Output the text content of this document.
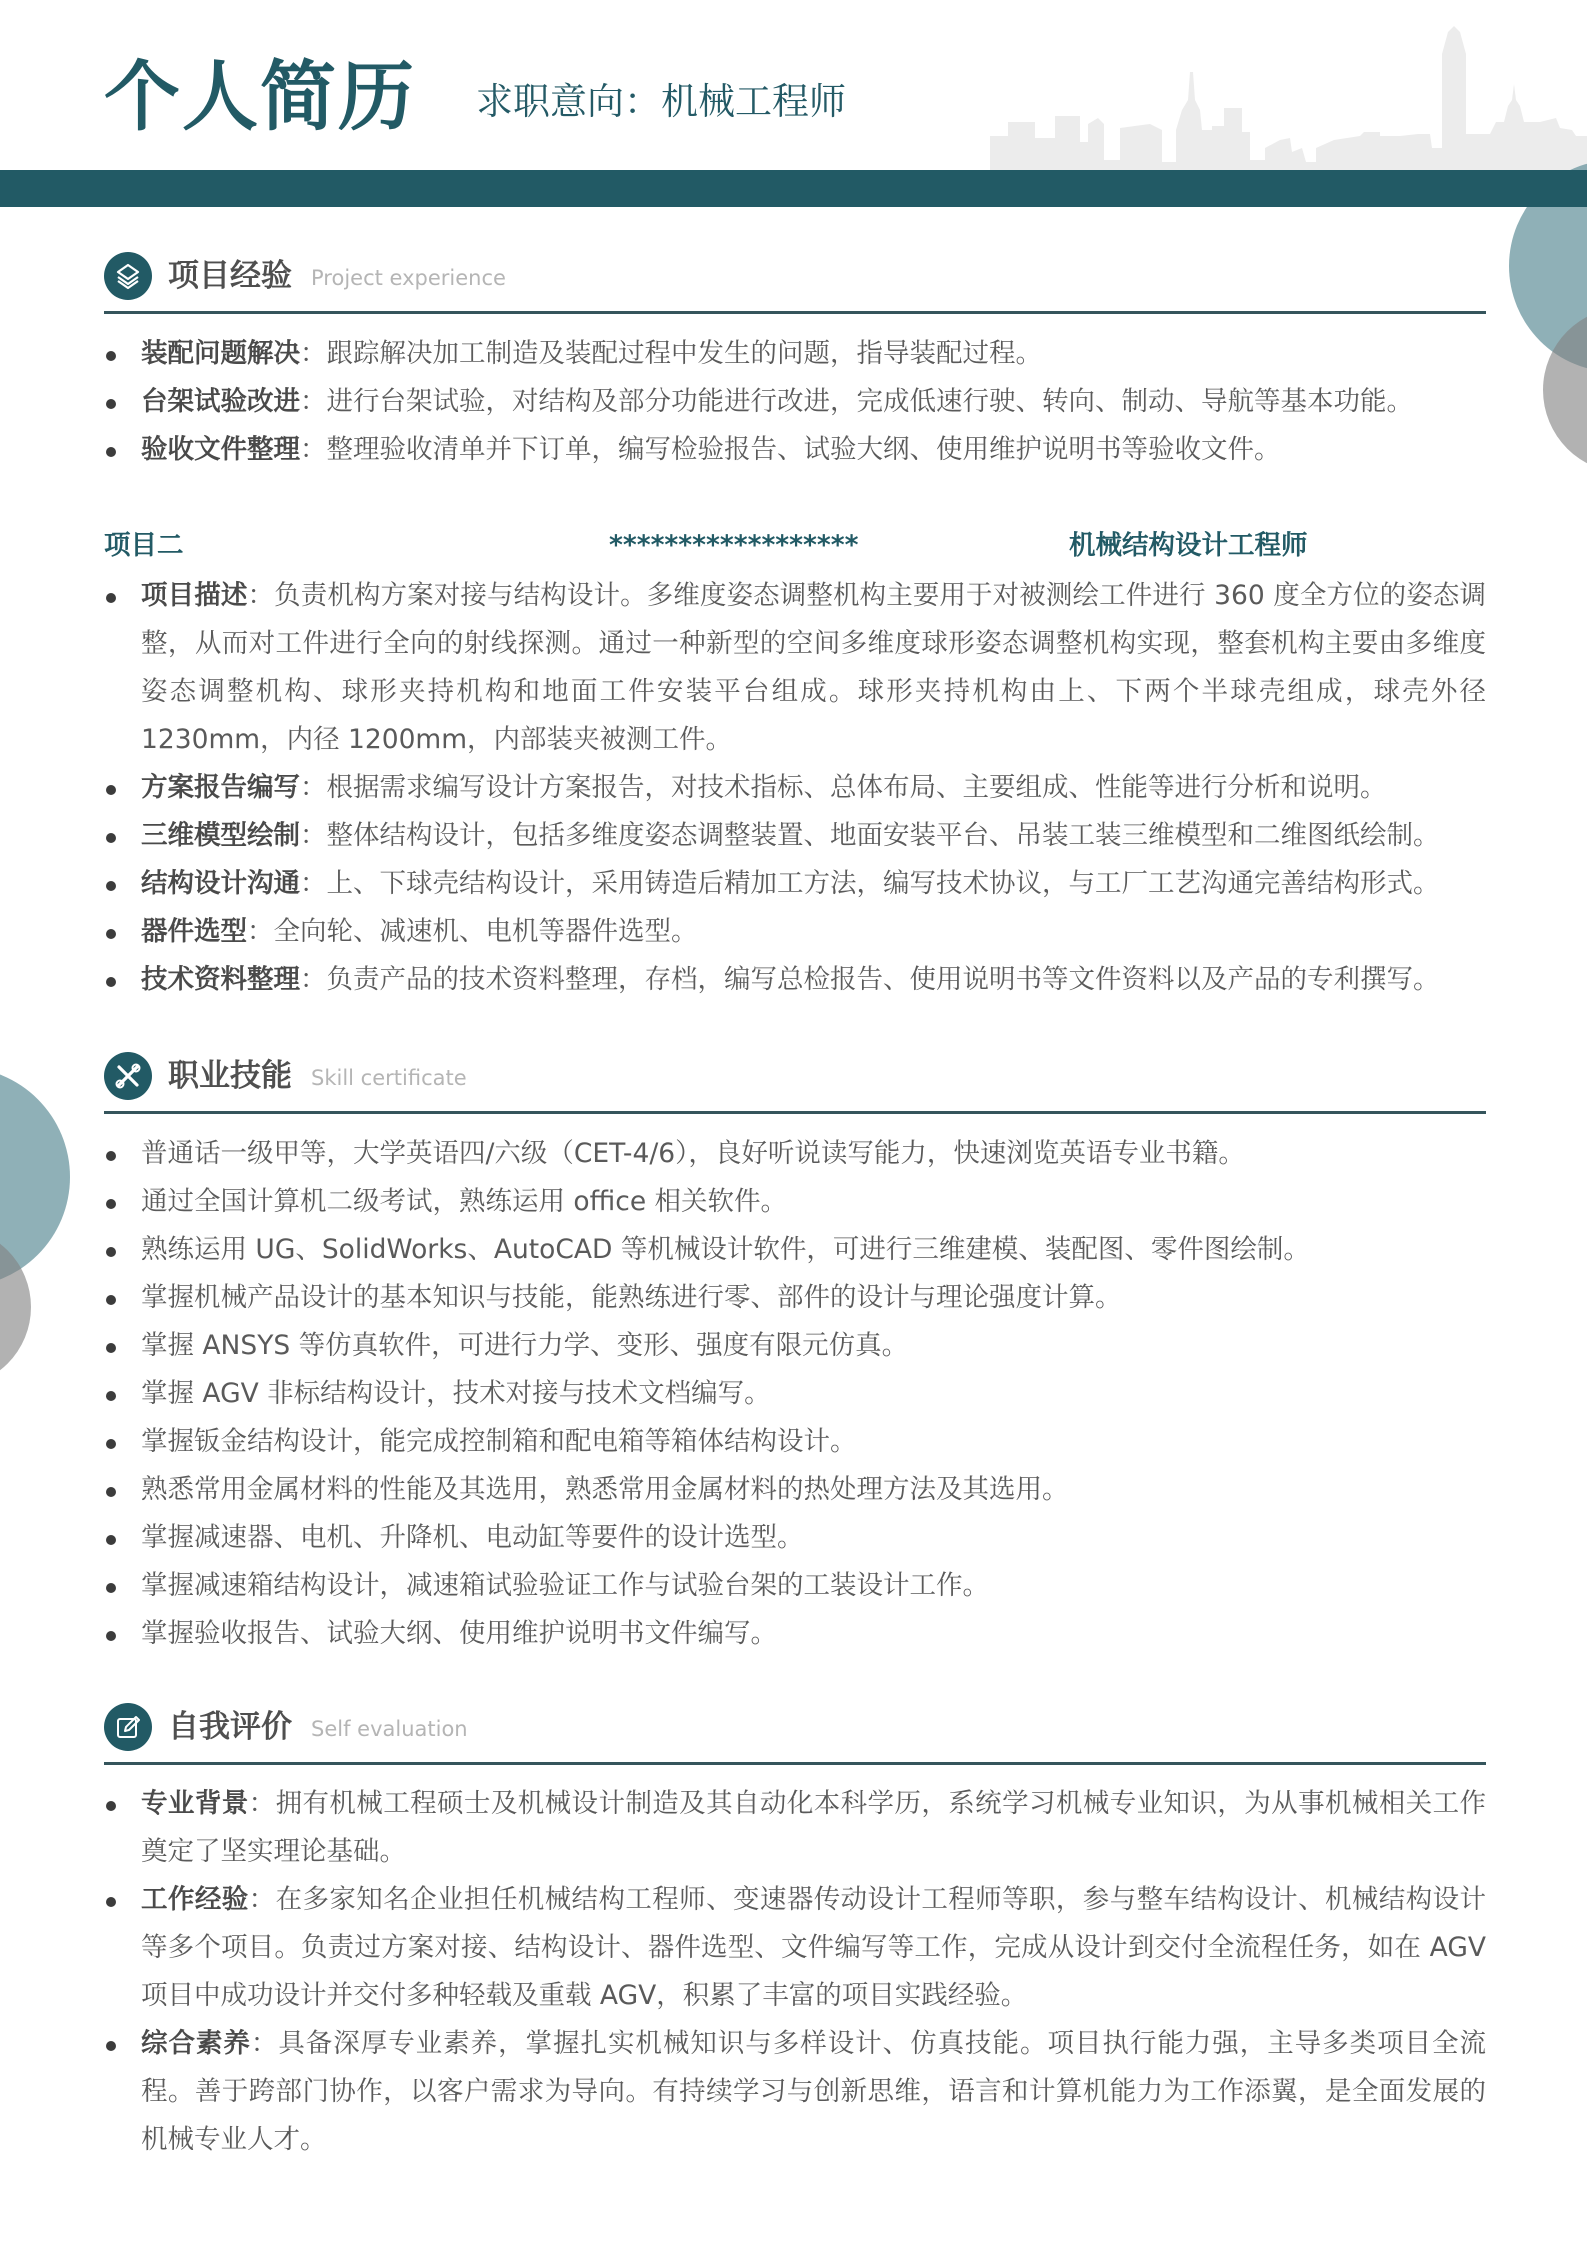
个人简历 求职意向：机械工程师
项目经验 Project experience
装配问题解决：跟踪解决加工制造及装配过程中发生的问题，指导装配过程。
台架试验改进：进行台架试验，对结构及部分功能进行改进，完成低速行驶、转向、制动、导航等基本功能。
验收文件整理：整理验收清单并下订单，编写检验报告、试验大纲、使用维护说明书等验收文件。
项目二	******************	机械结构设计工程师
项目描述：负责机构方案对接与结构设计。多维度姿态调整机构主要用于对被测绘工件进行 360 度全方位的姿态调整，从而对工件进行全向的射线探测。通过一种新型的空间多维度球形姿态调整机构实现，整套机构主要由多维度姿态调整机构、球形夹持机构和地面工件安装平台组成。球形夹持机构由上、下两个半球壳组成，球壳外径 1230mm，内径 1200mm，内部装夹被测工件。
方案报告编写：根据需求编写设计方案报告，对技术指标、总体布局、主要组成、性能等进行分析和说明。
三维模型绘制：整体结构设计，包括多维度姿态调整装置、地面安装平台、吊装工装三维模型和二维图纸绘制。
结构设计沟通：上、下球壳结构设计，采用铸造后精加工方法，编写技术协议，与工厂工艺沟通完善结构形式。
器件选型：全向轮、减速机、电机等器件选型。
技术资料整理：负责产品的技术资料整理，存档，编写总检报告、使用说明书等文件资料以及产品的专利撰写。
职业技能 Skill certificate
普通话一级甲等，大学英语四/六级（CET-4/6），良好听说读写能力，快速浏览英语专业书籍。
通过全国计算机二级考试，熟练运用 office 相关软件。
熟练运用 UG、SolidWorks、AutoCAD 等机械设计软件，可进行三维建模、装配图、零件图绘制。
掌握机械产品设计的基本知识与技能，能熟练进行零、部件的设计与理论强度计算。
掌握 ANSYS 等仿真软件，可进行力学、变形、强度有限元仿真。
掌握 AGV 非标结构设计，技术对接与技术文档编写。
掌握钣金结构设计，能完成控制箱和配电箱等箱体结构设计。
熟悉常用金属材料的性能及其选用，熟悉常用金属材料的热处理方法及其选用。
掌握减速器、电机、升降机、电动缸等要件的设计选型。
掌握减速箱结构设计，减速箱试验验证工作与试验台架的工装设计工作。
掌握验收报告、试验大纲、使用维护说明书文件编写。
自我评价 Self evaluation
专业背景：拥有机械工程硕士及机械设计制造及其自动化本科学历，系统学习机械专业知识，为从事机械相关工作奠定了坚实理论基础。
工作经验：在多家知名企业担任机械结构工程师、变速器传动设计工程师等职，参与整车结构设计、机械结构设计等多个项目。负责过方案对接、结构设计、器件选型、文件编写等工作，完成从设计到交付全流程任务，如在 AGV 项目中成功设计并交付多种轻载及重载 AGV，积累了丰富的项目实践经验。
综合素养：具备深厚专业素养，掌握扎实机械知识与多样设计、仿真技能。项目执行能力强，主导多类项目全流程。善于跨部门协作，以客户需求为导向。有持续学习与创新思维，语言和计算机能力为工作添翼，是全面发展的机械专业人才。
